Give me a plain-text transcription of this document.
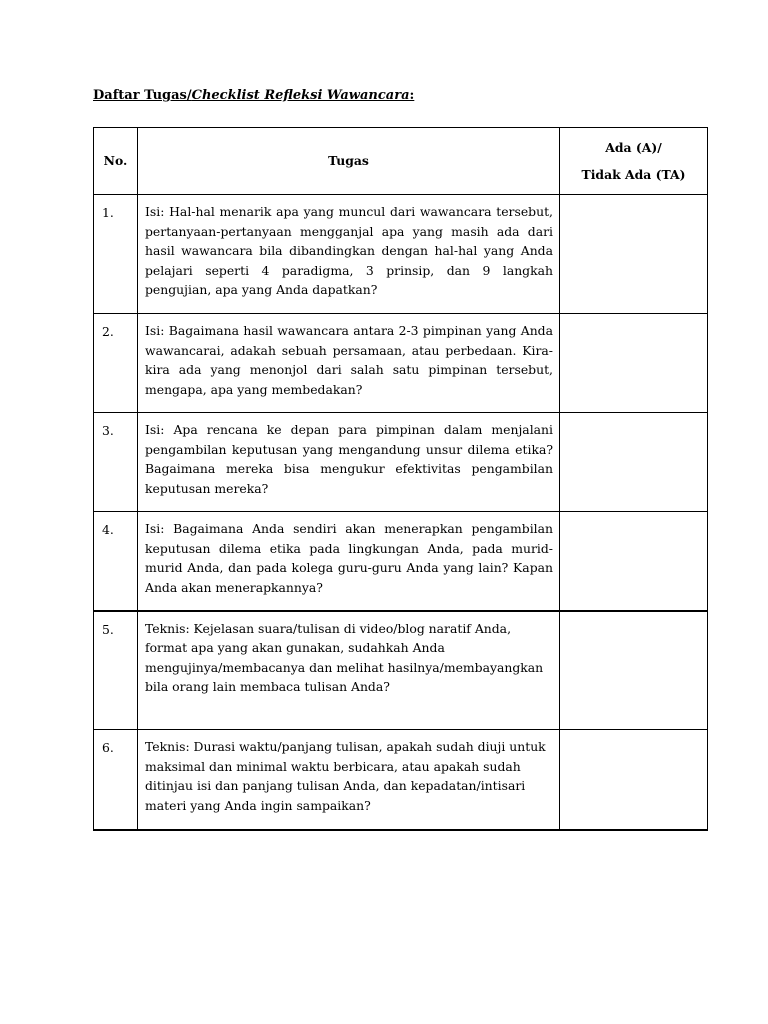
Daftar Tugas/Checklist Refleksi Wawancara:
No.	Tugas	Ada (A)/
Tidak Ada (TA)
1.	Isi: Hal-hal menarik apa yang muncul dari wawancara tersebut, pertanyaan-pertanyaan mengganjal apa yang masih ada dari hasil wawancara bila dibandingkan dengan hal-hal yang Anda pelajari seperti 4 paradigma, 3 prinsip, dan 9 langkah pengujian, apa yang Anda dapatkan?	

2.	Isi: Bagaimana hasil wawancara antara 2-3 pimpinan yang Anda wawancarai, adakah sebuah persamaan, atau perbedaan. Kira-kira ada yang menonjol dari salah satu pimpinan tersebut, mengapa, apa yang membedakan?	

3.	Isi: Apa rencana ke depan para pimpinan dalam menjalani pengambilan keputusan yang mengandung unsur dilema etika? Bagaimana mereka bisa mengukur efektivitas pengambilan keputusan mereka?	

4.	Isi: Bagaimana Anda sendiri akan menerapkan pengambilan keputusan dilema etika pada lingkungan Anda, pada murid-murid Anda, dan pada kolega guru-guru Anda yang lain? Kapan Anda akan menerapkannya?	

5.	Teknis: Kejelasan suara/tulisan di video/blog naratif Anda, format apa yang akan gunakan, sudahkah Anda mengujinya/membacanya dan melihat hasilnya/membayangkan bila orang lain membaca tulisan Anda?	

6.	Teknis: Durasi waktu/panjang tulisan, apakah sudah diuji untuk maksimal dan minimal waktu berbicara, atau apakah sudah ditinjau isi dan panjang tulisan Anda, dan kepadatan/intisari materi yang Anda ingin sampaikan?	
